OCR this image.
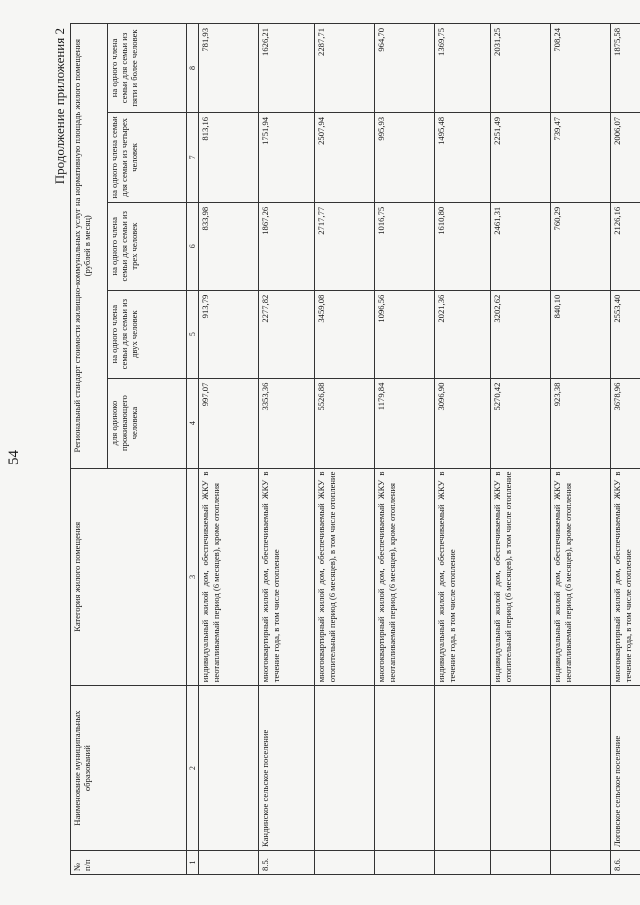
54
Продолжение приложения 2
№ п/п	Наименование муниципальных образований	Категория жилого помещения	Региональный стандарт стоимости жилищно-коммунальных услуг на нормативную площадь жилого помещения (рублей в месяц)				
			для одиноко проживающего человека	на одного члена семьи для семьи из двух человек	на одного члена семьи для семьи из трех человек	на одного члена семьи для семьи из четырех человек	на одного члена семьи для семьи из пяти и более человек
1	2	3	4	5	6	7	8
		индивидуальный жилой дом, обеспечиваемый ЖКУ в неотапливаемый период (6 месяцев), кроме отопления	997,07	913,79	833,98	813,16	781,93
8.5.	Кандинское сельское поселение	многоквартирный жилой дом, обеспечиваемый ЖКУ в течение года, в том числе отопление	3353,36	2277,82	1867,26	1751,94	1626,21
		многоквартирный жилой дом, обеспечиваемый ЖКУ в отопительный период (6 месяцев), в том числе отопление	5526,88	3459,08	2717,77	2507,94	2287,71
		многоквартирный жилой дом, обеспечиваемый ЖКУ в неотапливаемый период (6 месяцев), кроме отопления	1179,84	1096,56	1016,75	995,93	964,70
		индивидуальный жилой дом, обеспечиваемый ЖКУ в течение года, в том числе отопление	3096,90	2021,36	1610,80	1495,48	1369,75
		индивидуальный жилой дом, обеспечиваемый ЖКУ в отопительный период (6 месяцев), в том числе отопление	5270,42	3202,62	2461,31	2251,49	2031,25
		индивидуальный жилой дом, обеспечиваемый ЖКУ в неотапливаемый период (6 месяцев), кроме отопления	923,38	840,10	760,29	739,47	708,24
8.6.	Логовское сельское поселение	многоквартирный жилой дом, обеспечиваемый ЖКУ в течение года, в том числе отопление	3678,96	2553,40	2126,16	2006,07	1875,58
